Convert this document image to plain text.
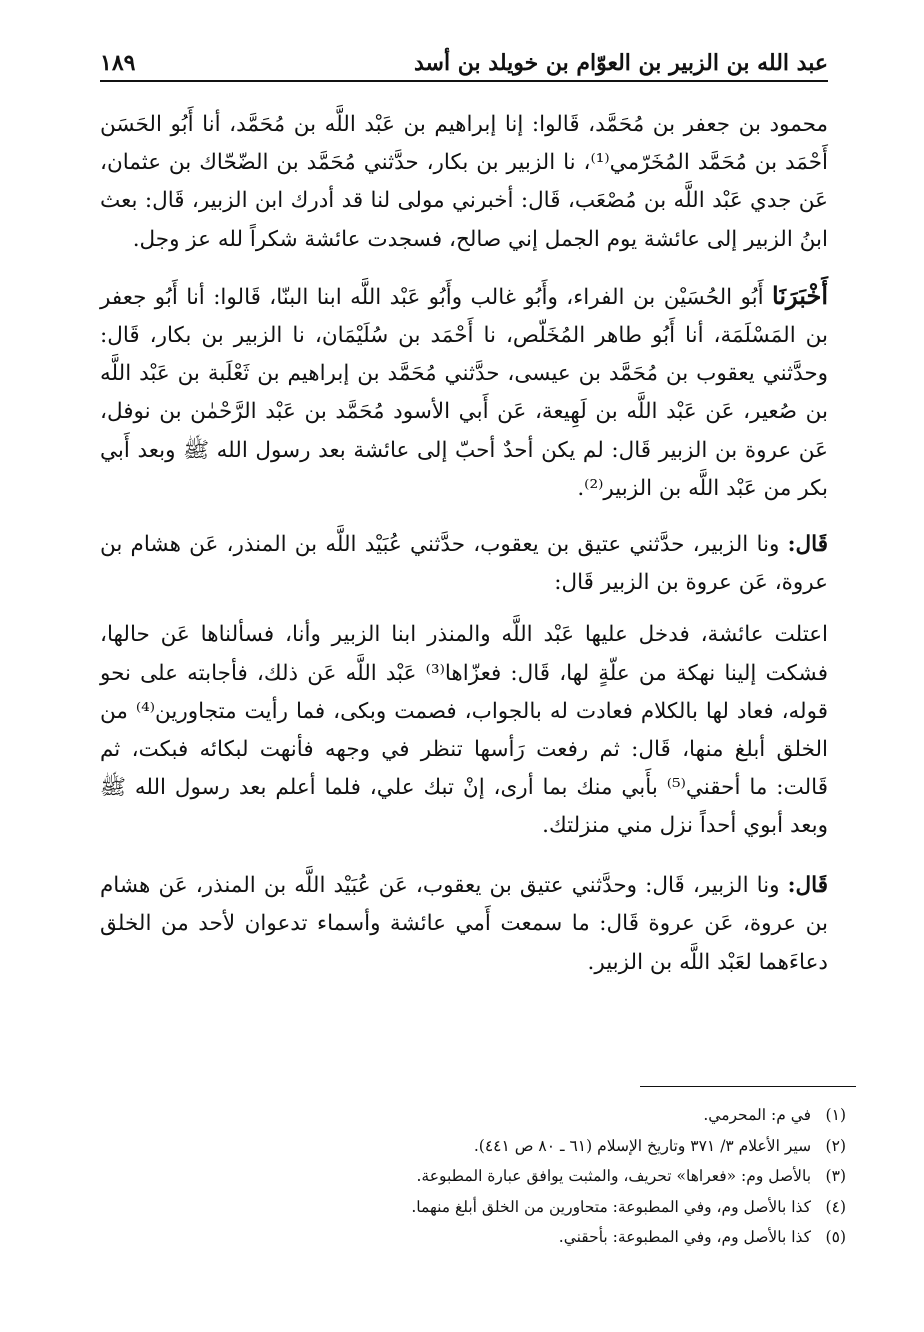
عبد الله بن الزبير بن العوّام بن خويلد بن أسد
١٨٩

محمود بن جعفر بن مُحَمَّد، قَالوا: إنا إبراهيم بن عَبْد اللَّه بن مُحَمَّد، أنا أَبُو الحَسَن أَحْمَد بن مُحَمَّد المُخَرّمي⁽¹⁾، نا الزبير بن بكار، حدَّثني مُحَمَّد بن الضّحّاك بن عثمان، عَن جدي عَبْد اللَّه بن مُصْعَب، قَال: أخبرني مولى لنا قد أدرك ابن الزبير، قَال: بعث ابنُ الزبير إلى عائشة يوم الجمل إني صالح، فسجدت عائشة شكراً لله عز وجل.

أَخْبَرَنَا أَبُو الحُسَيْن بن الفراء، وأَبُو غالب وأَبُو عَبْد اللَّه ابنا البنّا، قَالوا: أنا أَبُو جعفر بن المَسْلَمَة، أنا أَبُو طاهر المُخَلّص، نا أَحْمَد بن سُلَيْمَان، نا الزبير بن بكار، قَال: وحدَّثني يعقوب بن مُحَمَّد بن عيسى، حدَّثني مُحَمَّد بن إبراهيم بن ثَعْلَبة بن عَبْد اللَّه بن صُعير، عَن عَبْد اللَّه بن لَهِيعة، عَن أَبي الأسود مُحَمَّد بن عَبْد الرَّحْمٰن بن نوفل، عَن عروة بن الزبير قَال: لم يكن أحدٌ أحبّ إلى عائشة بعد رسول الله ﷺ وبعد أَبي بكر من عَبْد اللَّه بن الزبير⁽²⁾.

قَال: ونا الزبير، حدَّثني عتيق بن يعقوب، حدَّثني عُبَيْد اللَّه بن المنذر، عَن هشام بن عروة، عَن عروة بن الزبير قَال:

اعتلت عائشة، فدخل عليها عَبْد اللَّه والمنذر ابنا الزبير وأنا، فسألناها عَن حالها، فشكت إلينا نهكة من علّةٍ لها، قَال: فعزّاها⁽³⁾ عَبْد اللَّه عَن ذلك، فأجابته على نحو قوله، فعاد لها بالكلام فعادت له بالجواب، فصمت وبكى، فما رأيت متجاورين⁽⁴⁾ من الخلق أبلغ منها، قَال: ثم رفعت رَأسها تنظر في وجهه فأنهت لبكائه فبكت، ثم قَالت: ما أحقني⁽⁵⁾ بأَبي منك بما أرى، إنْ تبك علي، فلما أعلم بعد رسول الله ﷺ وبعد أبوي أحداً نزل مني منزلتك.

قَال: ونا الزبير، قَال: وحدَّثني عتيق بن يعقوب، عَن عُبَيْد اللَّه بن المنذر، عَن هشام بن عروة، عَن عروة قَال: ما سمعت أَمي عائشة وأسماء تدعوان لأحد من الخلق دعاءَهما لعَبْد اللَّه بن الزبير.

(١) في م: المحرمي.
(٢) سير الأعلام ٣/ ٣٧١ وتاريخ الإسلام (٦١ ـ ٨٠ ص ٤٤١).
(٣) بالأصل وم: «فعراها» تحريف، والمثبت يوافق عبارة المطبوعة.
(٤) كذا بالأصل وم، وفي المطبوعة: متحاورين من الخلق أبلغ منهما.
(٥) كذا بالأصل وم، وفي المطبوعة: بأحقني.
